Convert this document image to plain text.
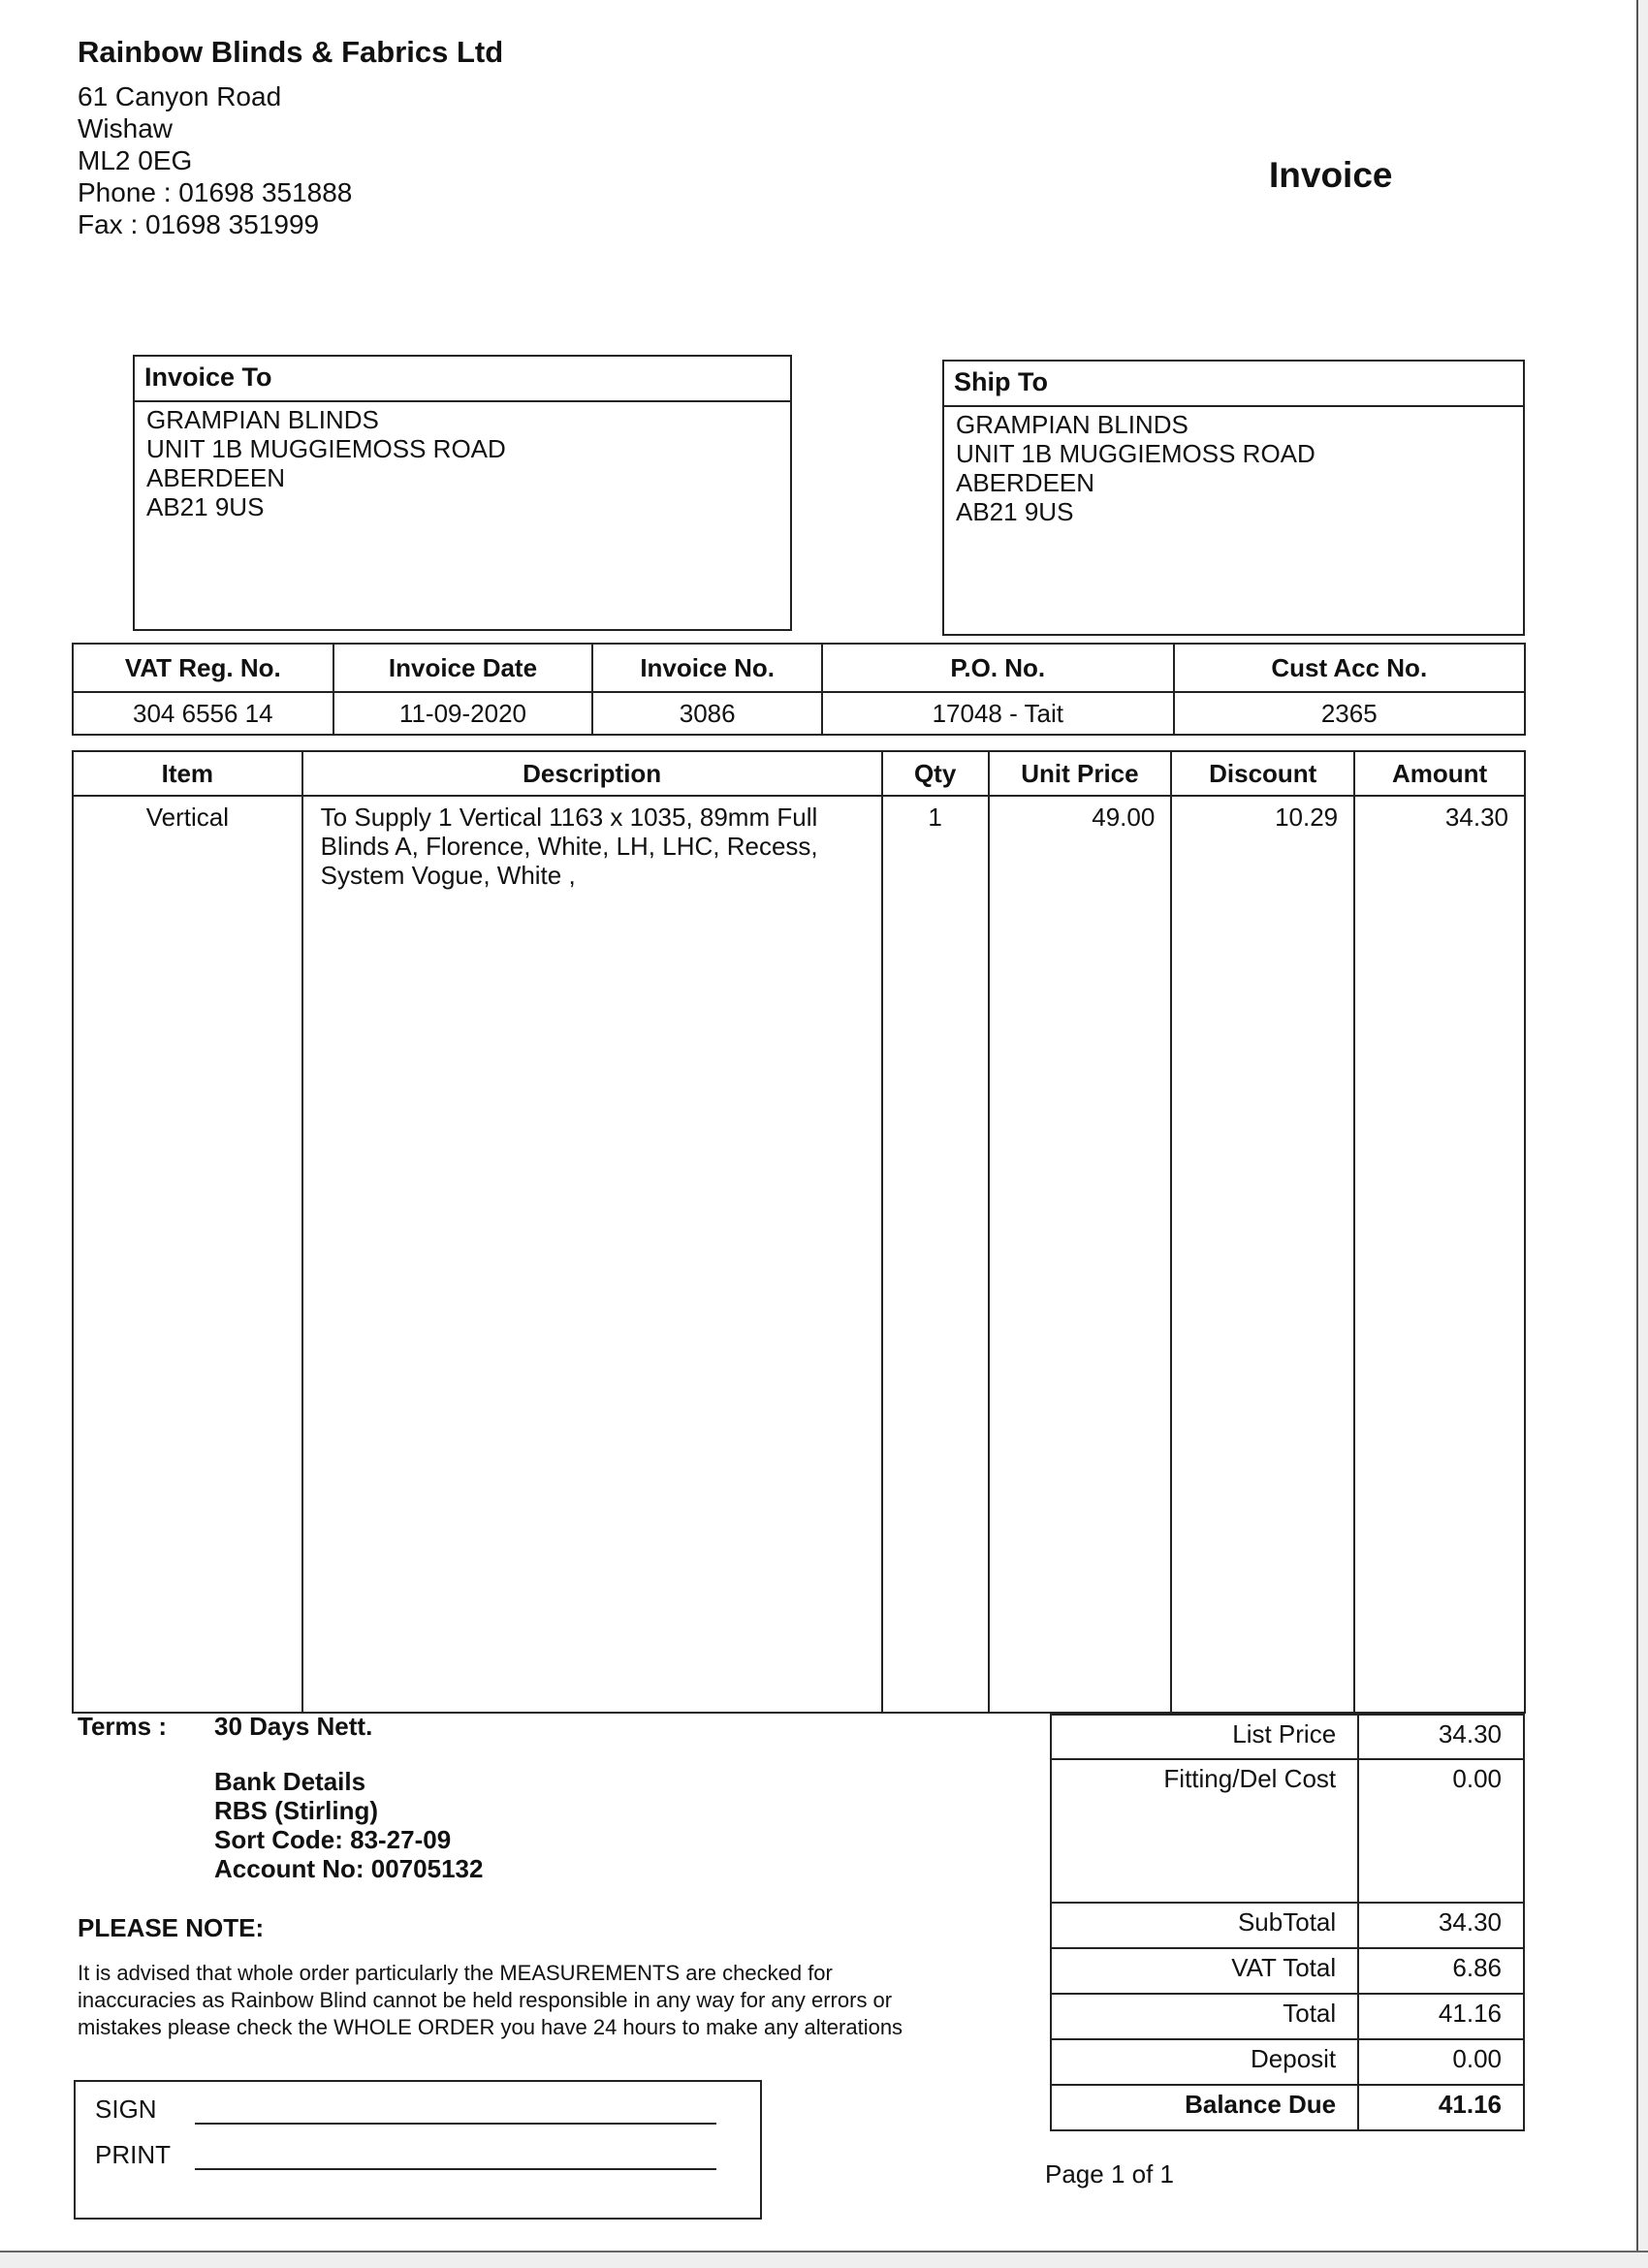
Rainbow Blinds & Fabrics Ltd
61 Canyon Road
Wishaw
ML2 0EG
Phone : 01698 351888
Fax : 01698 351999
Invoice
Invoice To
GRAMPIAN BLINDS
UNIT 1B MUGGIEMOSS ROAD
ABERDEEN
AB21 9US
Ship To
GRAMPIAN BLINDS
UNIT 1B MUGGIEMOSS ROAD
ABERDEEN
AB21 9US
VAT Reg. No.	Invoice Date	Invoice No.	P.O. No.	Cust Acc No.
304 6556 14	11-09-2020	3086	17048 - Tait	2365
Item	Description	Qty	Unit Price	Discount	Amount
Vertical	To Supply 1 Vertical 1163 x 1035, 89mm Full
Blinds A, Florence, White, LH, LHC, Recess,
System Vogue, White ,	1	49.00	10.29	34.30
Terms : 30 Days Nett.
Bank Details
RBS (Stirling)
Sort Code: 83-27-09
Account No: 00705132
PLEASE NOTE:
It is advised that whole order particularly the MEASUREMENTS are checked for
inaccuracies as Rainbow Blind cannot be held responsible in any way for any errors or
mistakes please check the WHOLE ORDER you have 24 hours to make any alterations
List Price	34.30
Fitting/Del Cost	0.00
SubTotal	34.30
VAT Total	6.86
Total	41.16
Deposit	0.00
Balance Due	41.16
Page 1 of 1
SIGN
PRINT
